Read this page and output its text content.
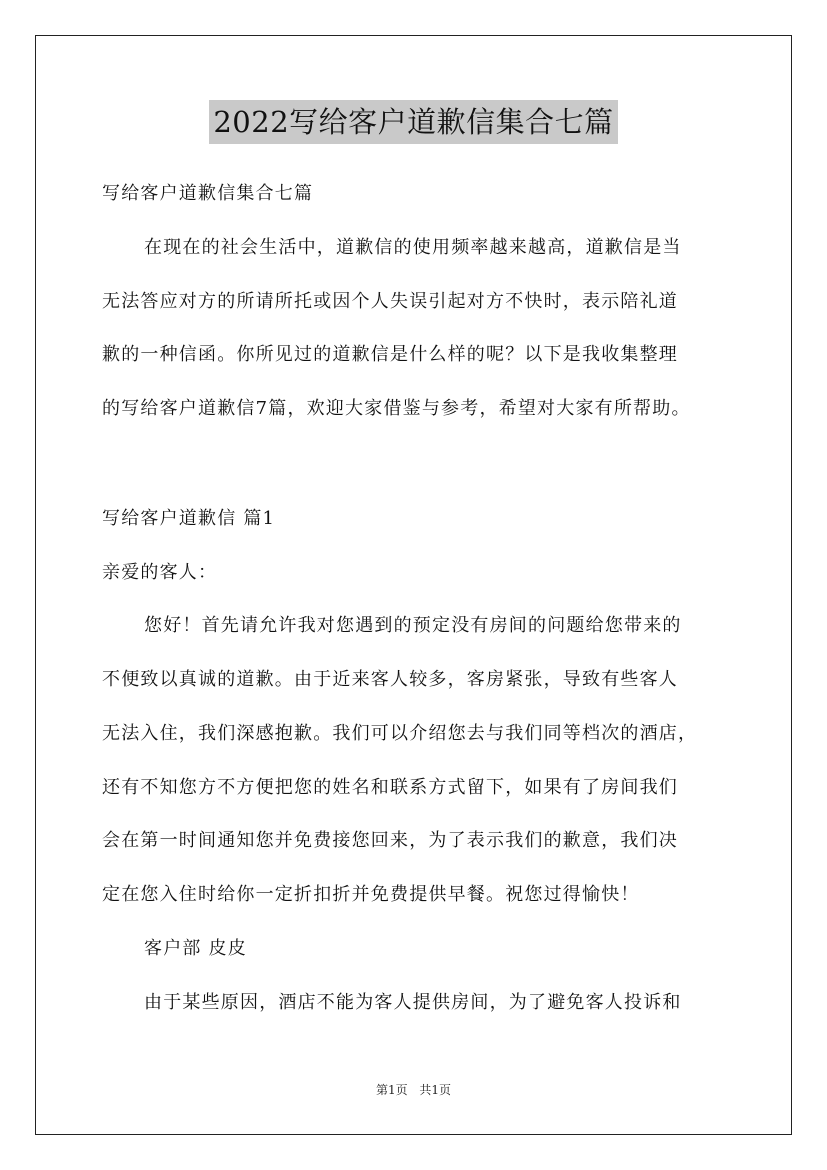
2022写给客户道歉信集合七篇
写给客户道歉信集合七篇
在现在的社会生活中，道歉信的使用频率越来越高，道歉信是当
无法答应对方的所请所托或因个人失误引起对方不快时，表示陪礼道
歉的一种信函。你所见过的道歉信是什么样的呢？以下是我收集整理
的写给客户道歉信7篇，欢迎大家借鉴与参考，希望对大家有所帮助。
写给客户道歉信 篇1
亲爱的客人：
您好！首先请允许我对您遇到的预定没有房间的问题给您带来的
不便致以真诚的道歉。由于近来客人较多，客房紧张，导致有些客人
无法入住，我们深感抱歉。我们可以介绍您去与我们同等档次的酒店，
还有不知您方不方便把您的姓名和联系方式留下，如果有了房间我们
会在第一时间通知您并免费接您回来，为了表示我们的歉意，我们决
定在您入住时给你一定折扣折并免费提供早餐。祝您过得愉快！
客户部 皮皮
由于某些原因，酒店不能为客人提供房间，为了避免客人投诉和
第1页 共1页
